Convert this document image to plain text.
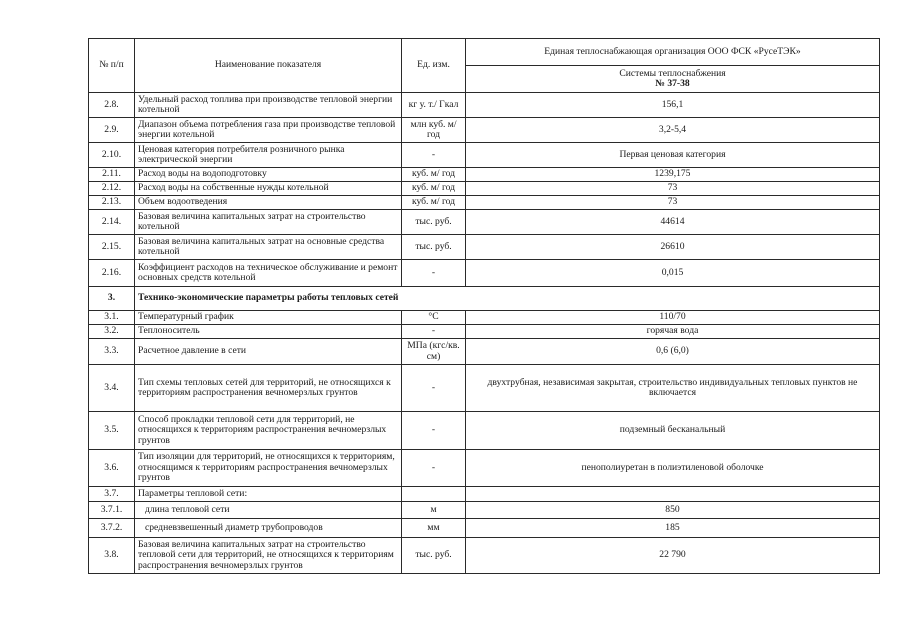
№ п/п	Наименование показателя	Ед. изм.	Единая теплоснабжающая организация ООО ФСК «РусеТЭК»

			Системы теплоснабжения
№ 37-38

2.8.	Удельный расход топлива при производстве тепловой энергии котельной	кг у. т./ Гкал	156,1
2.9.	Диапазон объема потребления газа при производстве тепловой энергии котельной	млн куб. м/год	3,2-5,4
2.10.	Ценовая категория потребителя розничного рынка электрической энергии	-	Первая ценовая категория
2.11.	Расход воды на водоподготовку	куб. м/ год	1239,175
2.12.	Расход воды на собственные нужды котельной	куб. м/ год	73
2.13.	Объем водоотведения	куб. м/ год	73
2.14.	Базовая величина капитальных затрат на строительство котельной	тыс. руб.	44614
2.15.	Базовая величина капитальных затрат на основные средства котельной	тыс. руб.	26610
2.16.	Коэффициент расходов на техническое обслуживание и ремонт основных средств котельной	-	0,015
3.	Технико-экономические параметры работы тепловых сетей		
3.1.	Температурный график	°С	110/70
3.2.	Теплоноситель	-	горячая вода
3.3.	Расчетное давление в сети	МПа (кгс/кв. см)	0,6 (6,0)
3.4.	Тип схемы тепловых сетей для территорий, не относящихся к территориям распространения вечномерзлых грунтов	-	двухтрубная, независимая закрытая, строительство индивидуальных тепловых пунктов не включается
3.5.	Способ прокладки тепловой сети для территорий, не относящихся к территориям распространения вечномерзлых грунтов	-	подземный бесканальный
3.6.	Тип изоляции для территорий, не относящихся к территориям, относящимся к территориям распространения вечномерзлых грунтов	-	пенополиуретан в полиэтиленовой оболочке
3.7.	Параметры тепловой сети:		
3.7.1.	длина тепловой сети	м	850
3.7.2.	средневзвешенный диаметр трубопроводов	мм	185
3.8.	Базовая величина капитальных затрат на строительство тепловой сети для территорий, не относящихся к территориям распространения вечномерзлых грунтов	тыс. руб.	22 790
